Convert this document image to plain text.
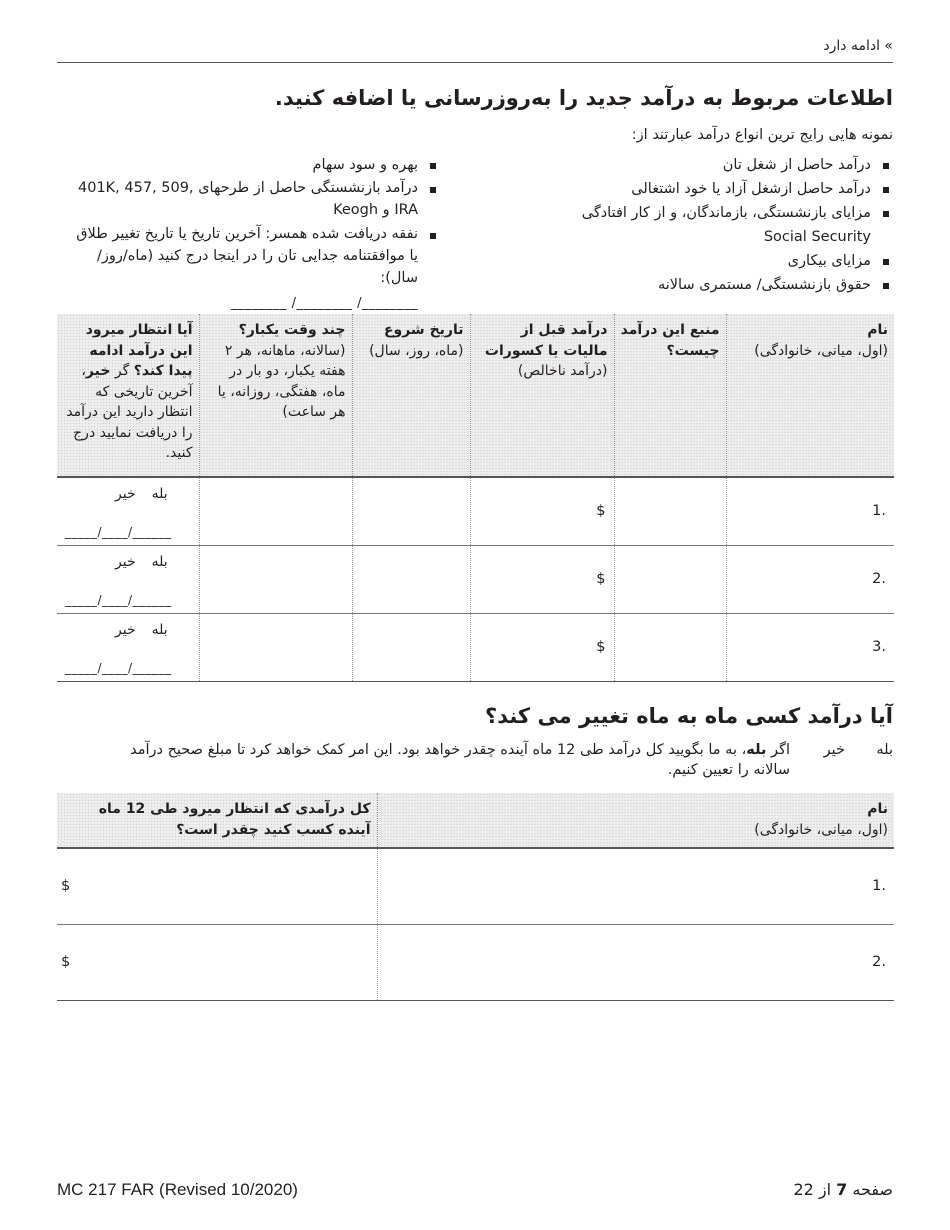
» ادامه دارد
اطلاعات مربوط به درآمد جدید را به‌روزرسانی یا اضافه کنید.
نمونه هایی رایج ترین انواع درآمد عبارتند از:
درآمد حاصل از شغل تان
درآمد حاصل ازشغل آزاد یا خود اشتغالی
مزایای بازنشستگی، بازماندگان، و از کار افتادگی Social Security
مزایای بیکاری
حقوق بازنشستگی/ مستمری سالانه
بهره و سود سهام
درآمد بازنشستگی حاصل از طرحهای 401K, 457, 509, IRA و Keogh
نفقه دریافت شده همسر: آخرین تاریخ یا تاریخ تغییر طلاق یا موافقتنامه جدایی تان را در اینجا درج کنید (ماه/روز/سال):
________ /________ /________
نام
(اول، میانی، خانوادگی)	منبع این درآمد چیست؟	درآمد قبل از مالیات یا کسورات
(درآمد ناخالص)	تاریخ شروع
(ماه، روز، سال)	چند وقت یکبار؟
(سالانه، ماهانه، هر ۲ هفته یکبار، دو بار در ماه، هفتگی، روزانه، یا هر ساعت)	آیا انتظار میرود این درآمد ادامه پیدا کند؟ گر خیر، آخرین تاریخی که انتظار دارید این درآمد را دریافت نمایید درج کنید.
.1		$			بلهخیر
_____/____/______

.2		$			بلهخیر
_____/____/______

.3		$			بلهخیر
_____/____/______
آیا درآمد کسی ماه به ماه تغییر می کند؟
بله
خیر
اگر بله، به ما بگویید کل درآمد طی 12 ماه آینده چقدر خواهد بود. این امر کمک خواهد کرد تا مبلغ صحیح درآمد سالانه را تعیین کنیم.
نام
(اول، میانی، خانوادگی)	کل درآمدی که انتظار میرود طی 12 ماه آینده کسب کنید چقدر است؟
.1	$
.2	$
MC 217 FAR (Revised 10/2020)	صفحه 7 از 22
